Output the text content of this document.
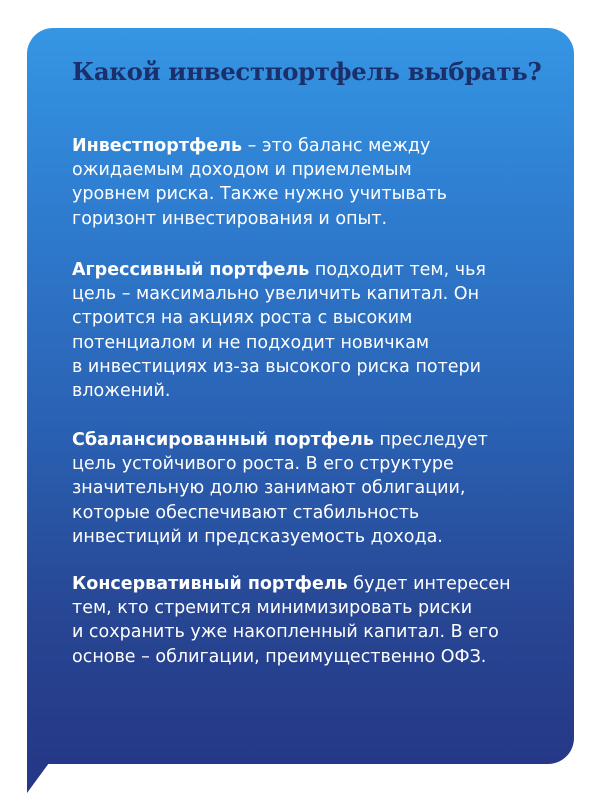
Какой инвестпортфель выбрать?
Инвестпортфель – это баланс между
ожидаемым доходом и приемлемым
уровнем риска. Также нужно учитывать
горизонт инвестирования и опыт.
Агрессивный портфель подходит тем, чья
цель – максимально увеличить капитал. Он
строится на акциях роста с высоким
потенциалом и не подходит новичкам
в инвестициях из-за высокого риска потери
вложений.
Сбалансированный портфель преследует
цель устойчивого роста. В его структуре
значительную долю занимают облигации,
которые обеспечивают стабильность
инвестиций и предсказуемость дохода.
Консервативный портфель будет интересен
тем, кто стремится минимизировать риски
и сохранить уже накопленный капитал. В его
основе – облигации, преимущественно ОФЗ.
